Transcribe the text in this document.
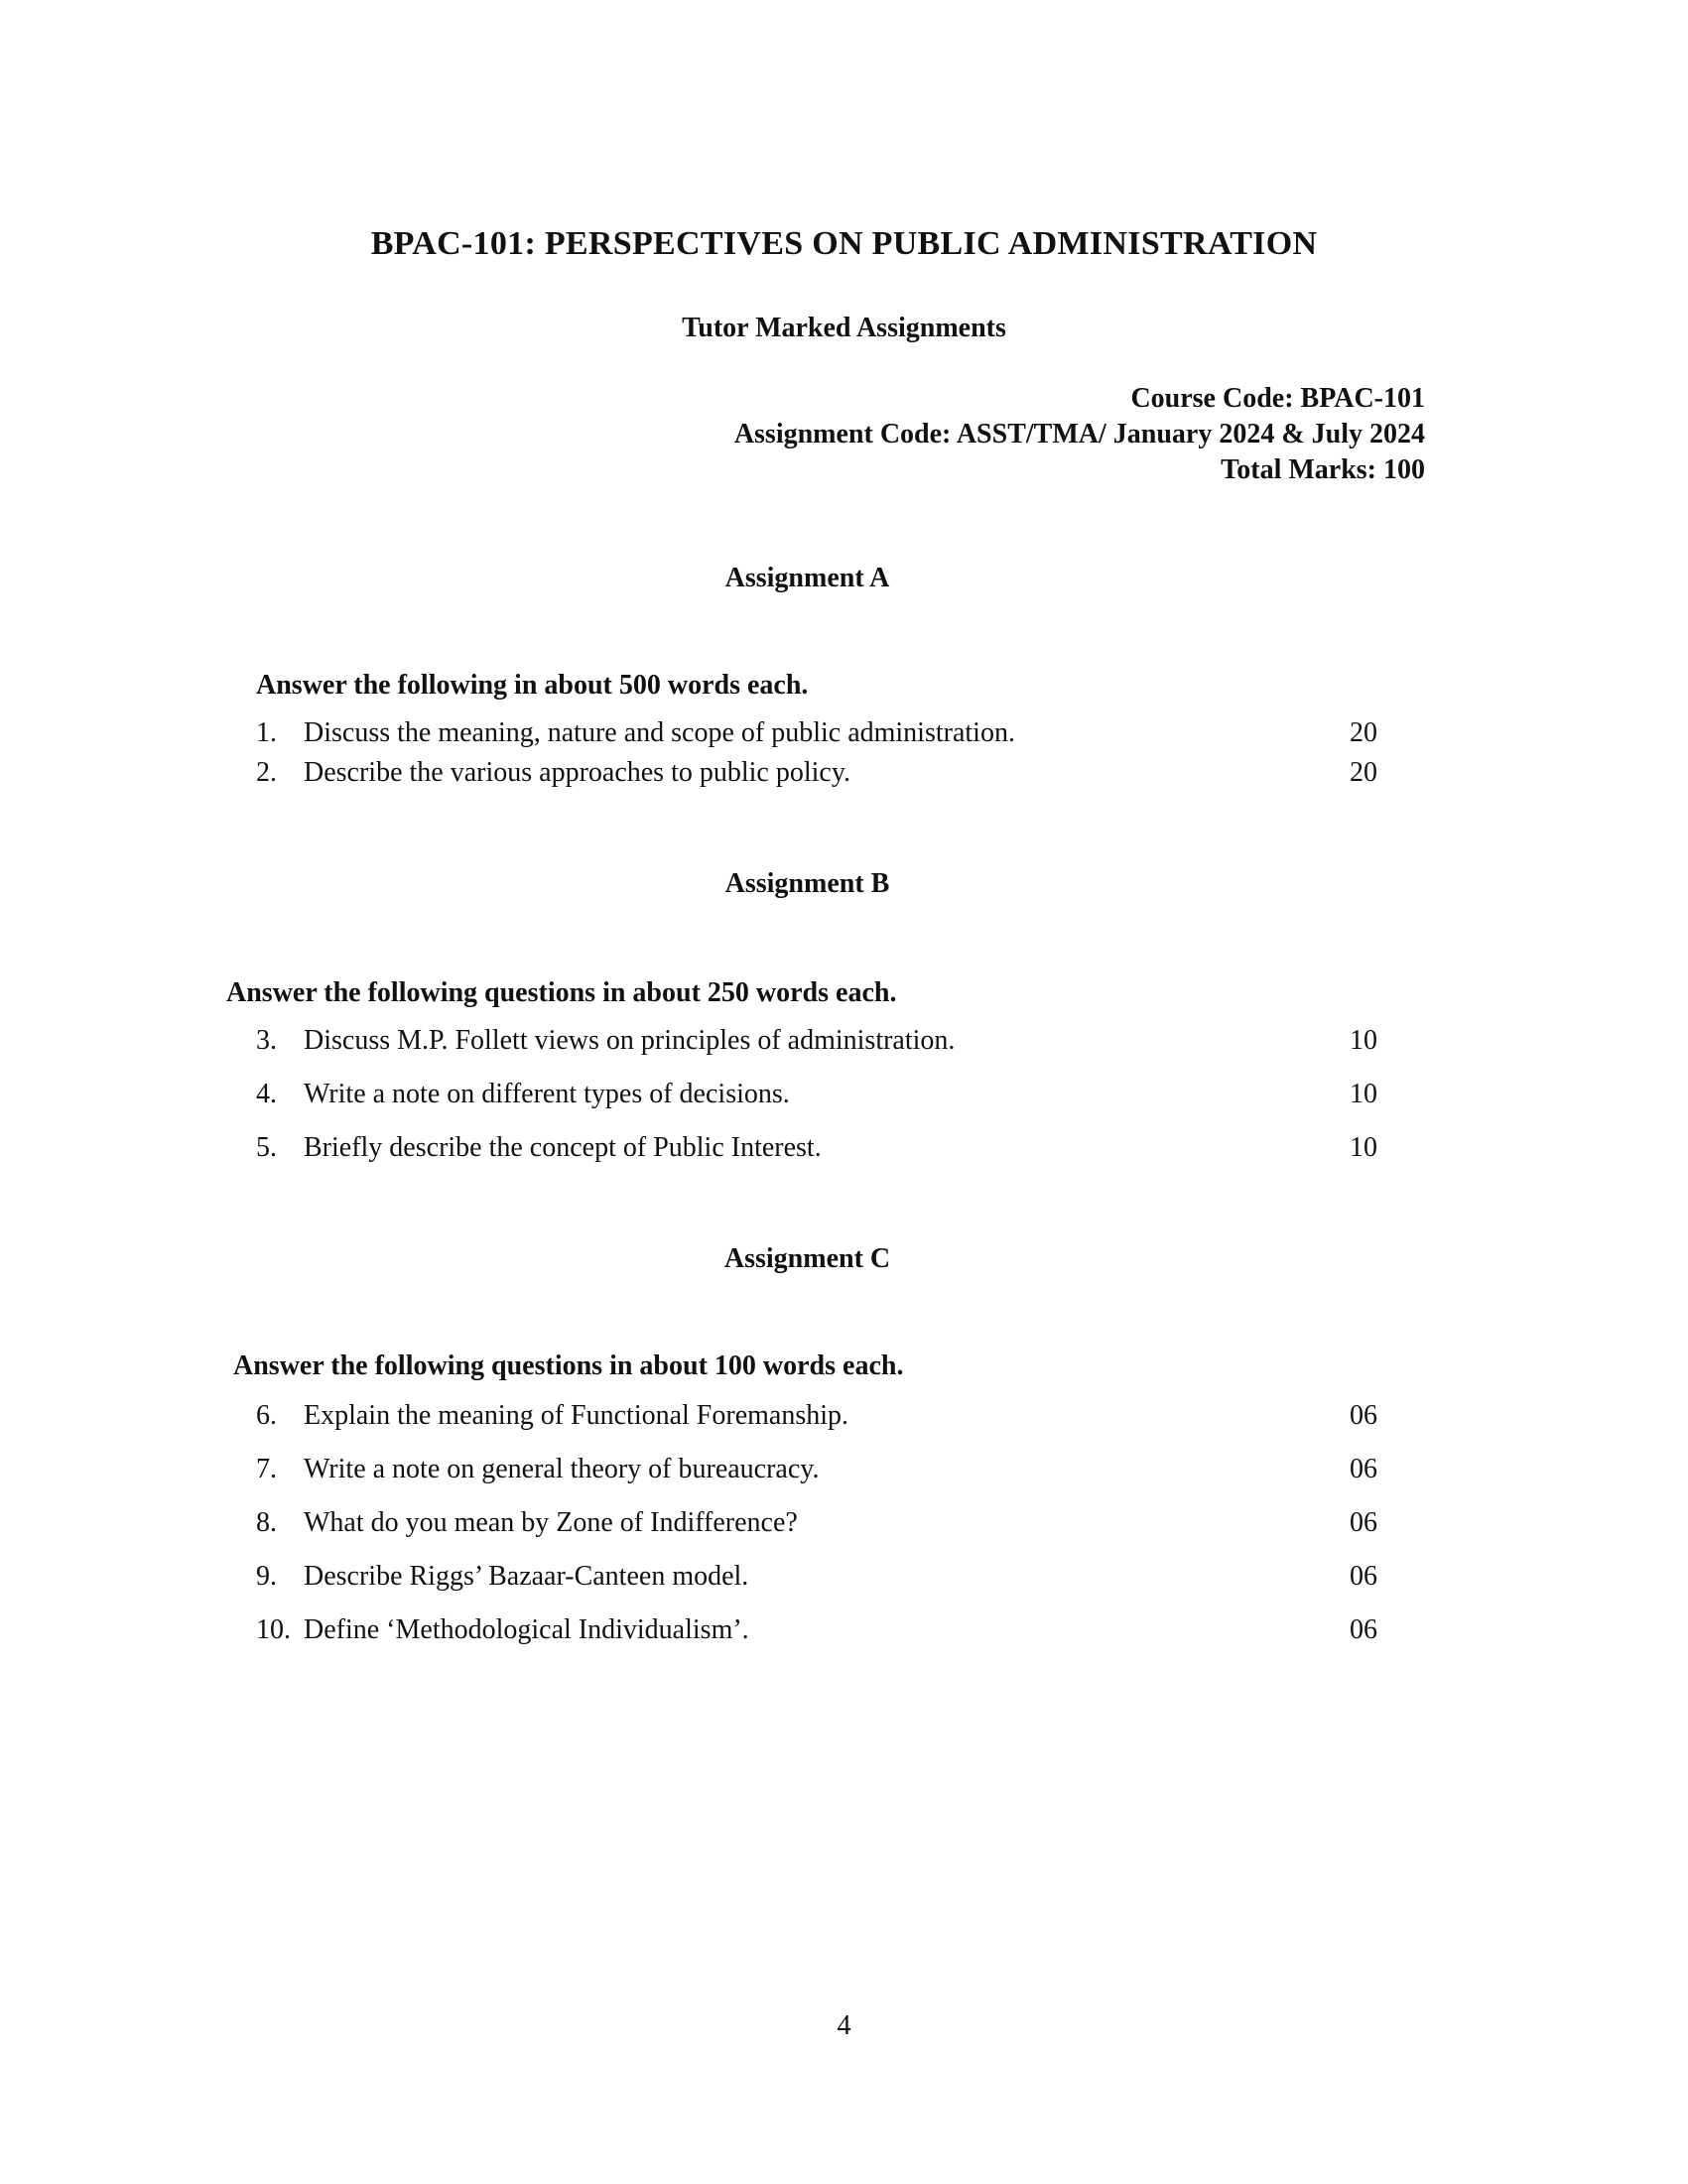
BPAC-101: PERSPECTIVES ON PUBLIC ADMINISTRATION
Tutor Marked Assignments
Course Code: BPAC-101
Assignment Code: ASST/TMA/ January 2024 & July 2024
Total Marks: 100
Assignment A

Answer the following in about 500 words each.

1. Discuss the meaning, nature and scope of public administration.	20
2. Describe the various approaches to public policy.	20
Assignment B

Answer the following questions in about 250 words each.

3. Discuss M.P. Follett views on principles of administration.	10
4. Write a note on different types of decisions.	10
5. Briefly describe the concept of Public Interest.	10
Assignment C

Answer the following questions in about 100 words each.

6. Explain the meaning of Functional Foremanship.	06
7. Write a note on general theory of bureaucracy.	06
8. What do you mean by Zone of Indifference?	06
9. Describe Riggs’ Bazaar-Canteen model.	06
10. Define ‘Methodological Individualism’.	06

4
